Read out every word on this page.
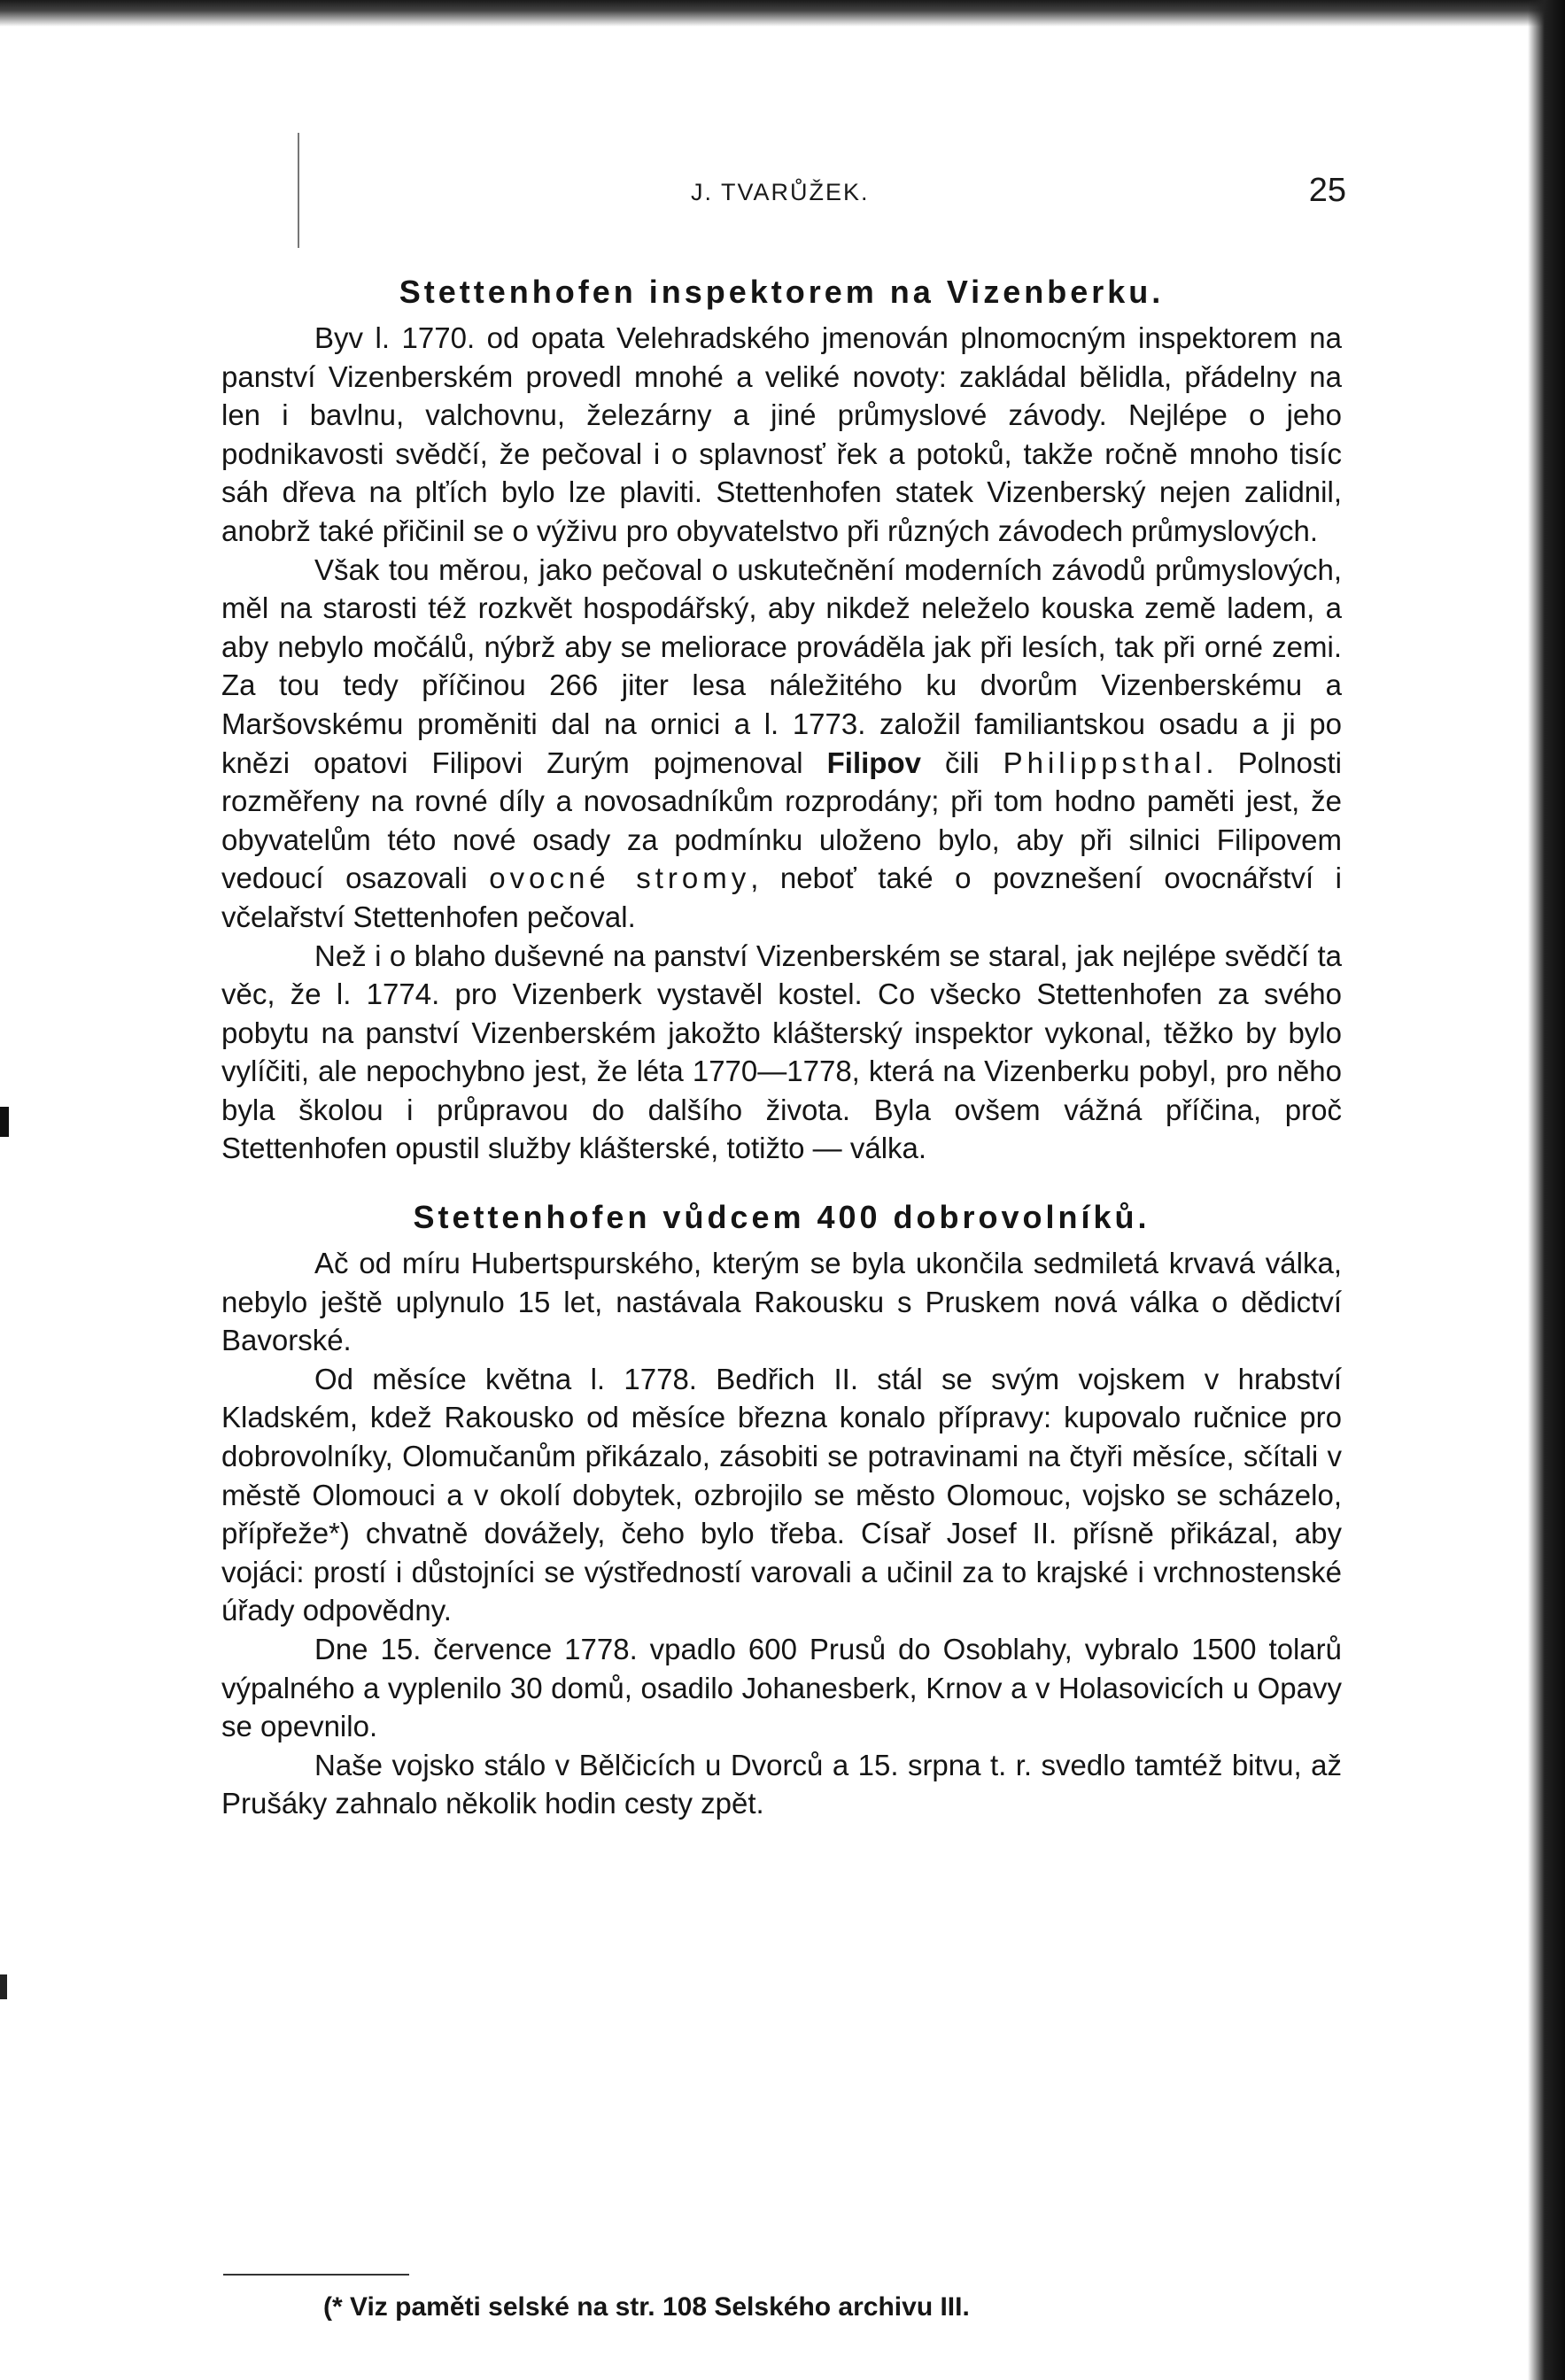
J. TVARŮŽEK.	25
Stettenhofen inspektorem na Vizenberku.

Byv l. 1770. od opata Velehradského jmenován plnomocným inspektorem na panství Vizenberském provedl mnohé a veliké novoty: zakládal bělidla, přádelny na len i bavlnu, valchovnu, železárny a jiné průmyslové závody. Nejlépe o jeho podnikavosti svědčí, že pečoval i o splavnosť řek a potoků, takže ročně mnoho tisíc sáh dřeva na plťích bylo lze plaviti. Stettenhofen statek Vizenberský nejen zalidnil, anobrž také přičinil se o výživu pro obyvatelstvo při různých závodech průmyslových.

Však tou měrou, jako pečoval o uskutečnění moderních závodů průmyslových, měl na starosti též rozkvět hospodářský, aby nikdež neleželo kouska země ladem, a aby nebylo močálů, nýbrž aby se meliorace prováděla jak při lesích, tak při orné zemi. Za tou tedy příčinou 266 jiter lesa náležitého ku dvorům Vizenberskému a Maršovskému proměniti dal na ornici a l. 1773. založil familiantskou osadu a ji po knězi opatovi Filipovi Zurým pojmenoval Filipov čili Philippsthal. Polnosti rozměřeny na rovné díly a novosadníkům rozprodány; při tom hodno paměti jest, že obyvatelům této nové osady za podmínku uloženo bylo, aby při silnici Filipovem vedoucí osazovali ovocné stromy, neboť také o povznešení ovocnářství i včelařství Stettenhofen pečoval.

Než i o blaho duševné na panství Vizenberském se staral, jak nejlépe svědčí ta věc, že l. 1774. pro Vizenberk vystavěl kostel. Co všecko Stettenhofen za svého pobytu na panství Vizenberském jakožto klášterský inspektor vykonal, těžko by bylo vylíčiti, ale nepochybno jest, že léta 1770—1778, která na Vizenberku pobyl, pro něho byla školou i průpravou do dalšího života. Byla ovšem vážná příčina, proč Stettenhofen opustil služby klášterské, totižto — válka.

Stettenhofen vůdcem 400 dobrovolníků.

Ač od míru Hubertspurského, kterým se byla ukončila sedmiletá krvavá válka, nebylo ještě uplynulo 15 let, nastávala Rakousku s Pruskem nová válka o dědictví Bavorské.

Od měsíce května l. 1778. Bedřich II. stál se svým vojskem v hrabství Kladském, kdež Rakousko od měsíce března konalo přípravy: kupovalo ručnice pro dobrovolníky, Olomučanům přikázalo, zásobiti se potravinami na čtyři měsíce, sčítali v městě Olomouci a v okolí dobytek, ozbrojilo se město Olomouc, vojsko se scházelo, přípřeže*) chvatně dovážely, čeho bylo třeba. Císař Josef II. přísně přikázal, aby vojáci: prostí i důstojníci se výstředností varovali a učinil za to krajské i vrchnostenské úřady odpovědny.

Dne 15. července 1778. vpadlo 600 Prusů do Osoblahy, vybralo 1500 tolarů výpalného a vyplenilo 30 domů, osadilo Johanesberk, Krnov a v Holasovicích u Opavy se opevnilo.

Naše vojsko stálo v Bělčicích u Dvorců a 15. srpna t. r. svedlo tamtéž bitvu, až Prušáky zahnalo několik hodin cesty zpět.

(* Viz paměti selské na str. 108 Selského archivu III.
